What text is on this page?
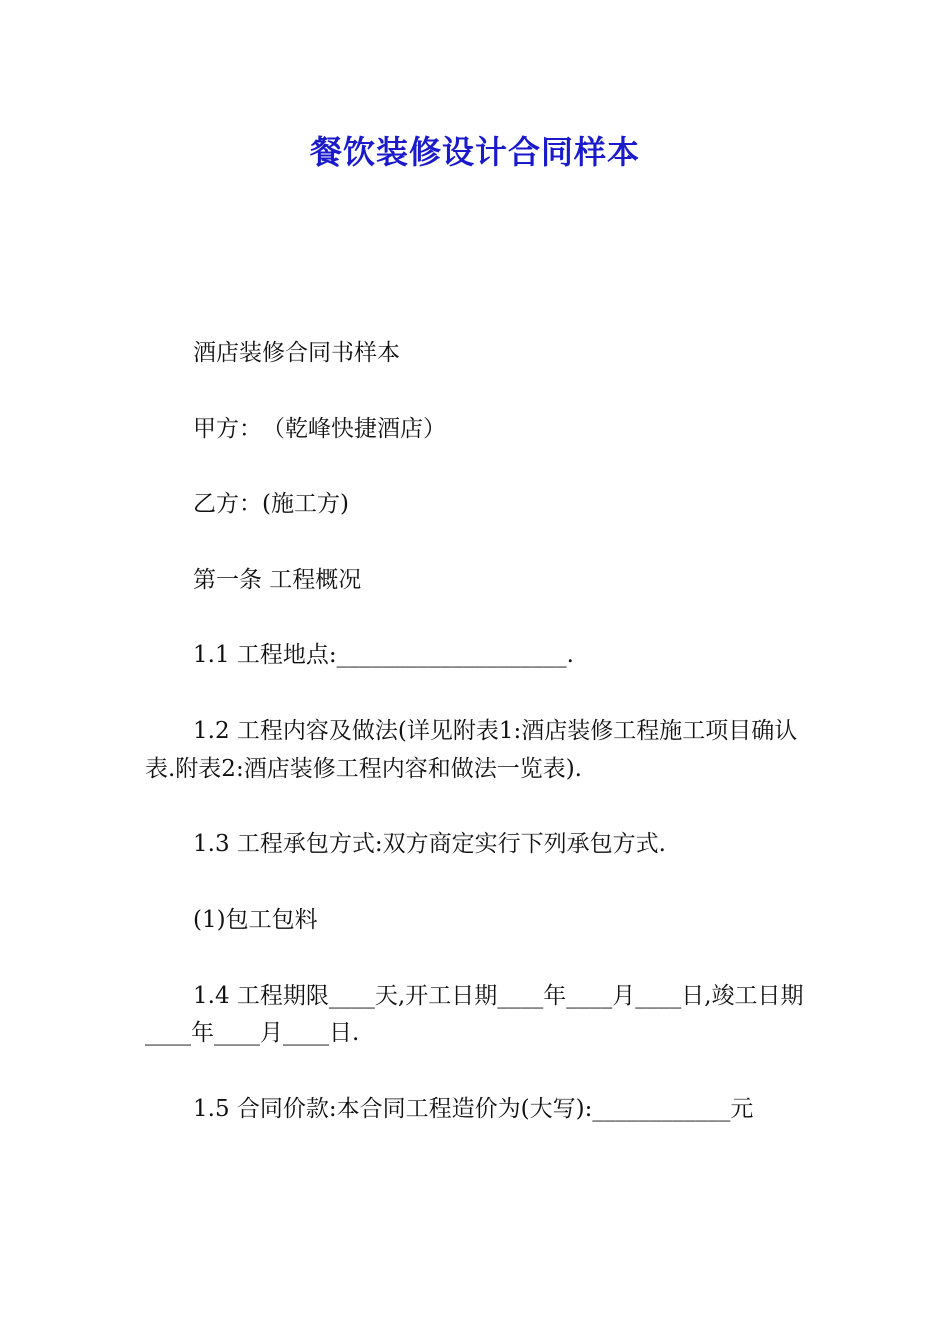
餐饮装修设计合同样本

酒店装修合同书样本

甲方：　（乾峰快捷酒店）

乙方：(施工方)

第一条 工程概况

1.1 工程地点:____________________.

1.2 工程内容及做法(详见附表1:酒店装修工程施工项目确认表.附表2:酒店装修工程内容和做法一览表).

1.3 工程承包方式:双方商定实行下列承包方式.

(1)包工包料

1.4 工程期限____天,开工日期____年____月____日,竣工日期____年____月____日.

1.5 合同价款:本合同工程造价为(大写):____________元
